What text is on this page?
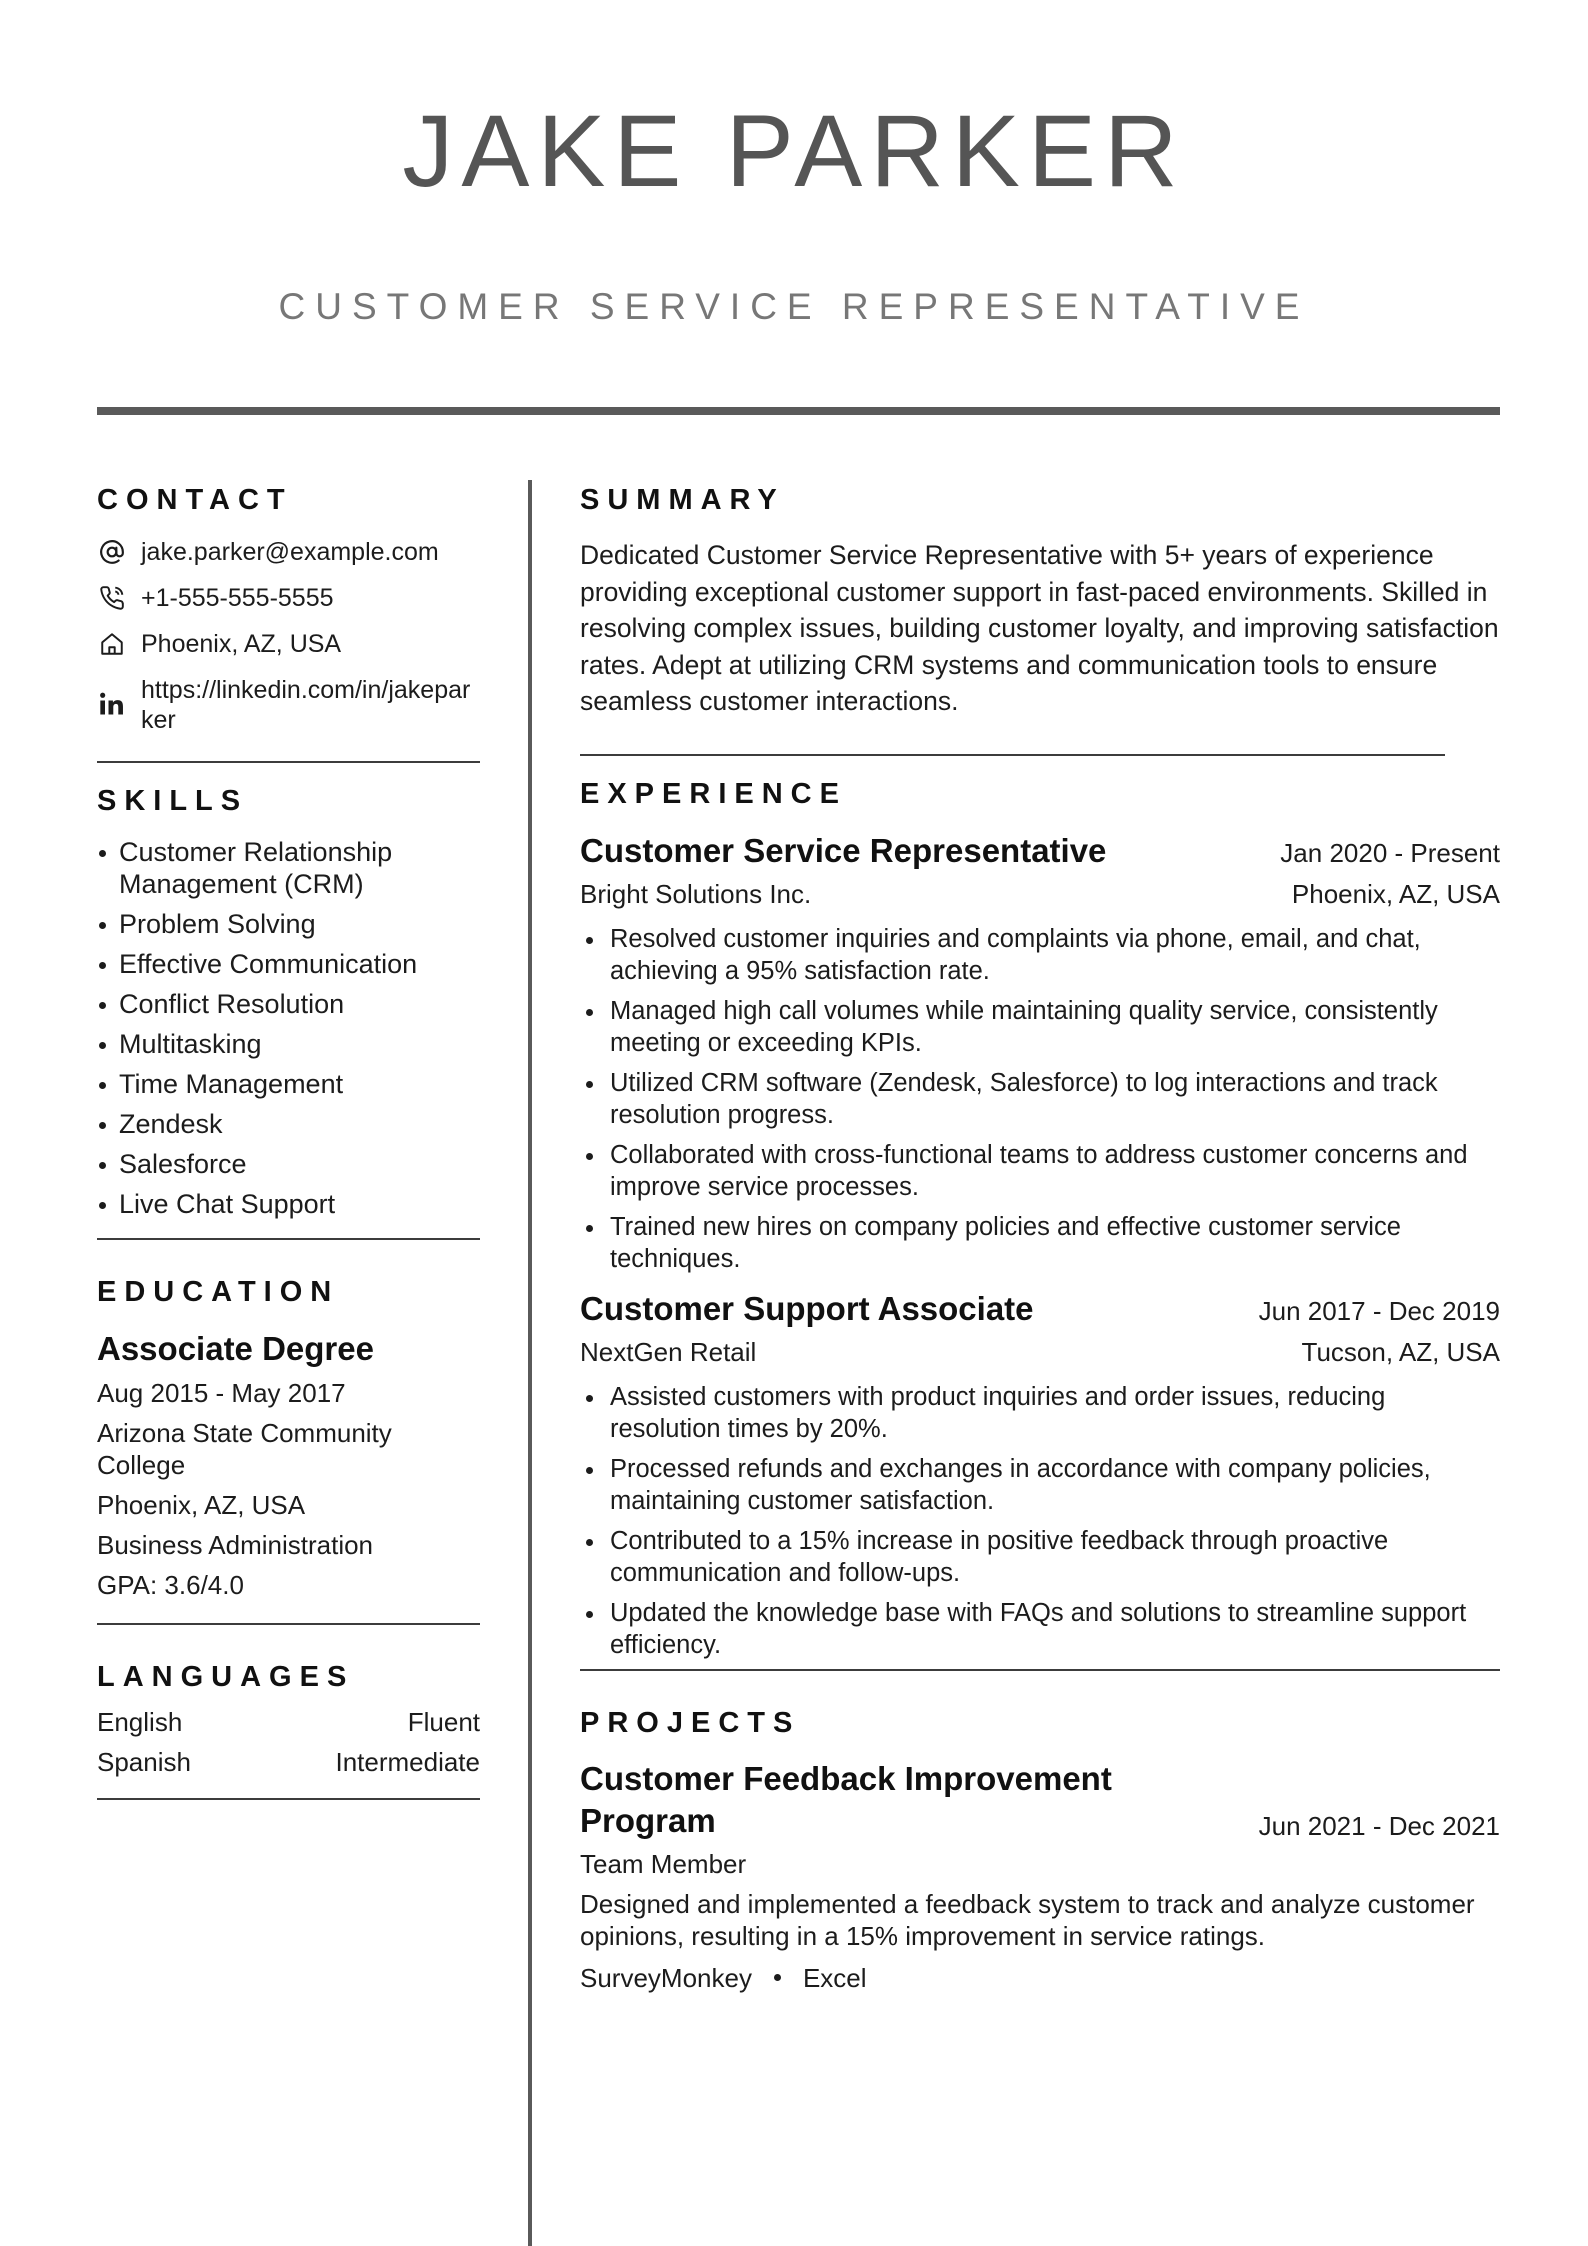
JAKE PARKER
CUSTOMER SERVICE REPRESENTATIVE
CONTACT
jake.parker@example.com
+1-555-555-5555
Phoenix, AZ, USA
https://linkedin.com/in/jakeparker
SKILLS
Customer Relationship Management (CRM)
Problem Solving
Effective Communication
Conflict Resolution
Multitasking
Time Management
Zendesk
Salesforce
Live Chat Support
EDUCATION
Associate Degree
Aug 2015 - May 2017
Arizona State Community College
Phoenix, AZ, USA
Business Administration
GPA: 3.6/4.0
LANGUAGES
English	Fluent
Spanish	Intermediate
SUMMARY
Dedicated Customer Service Representative with 5+ years of experience providing exceptional customer support in fast-paced environments. Skilled in resolving complex issues, building customer loyalty, and improving satisfaction rates. Adept at utilizing CRM systems and communication tools to ensure seamless customer interactions.
EXPERIENCE
Customer Service Representative	Jan 2020 - Present
Bright Solutions Inc.	Phoenix, AZ, USA
Resolved customer inquiries and complaints via phone, email, and chat, achieving a 95% satisfaction rate.
Managed high call volumes while maintaining quality service, consistently meeting or exceeding KPIs.
Utilized CRM software (Zendesk, Salesforce) to log interactions and track resolution progress.
Collaborated with cross-functional teams to address customer concerns and improve service processes.
Trained new hires on company policies and effective customer service techniques.
Customer Support Associate	Jun 2017 - Dec 2019
NextGen Retail	Tucson, AZ, USA
Assisted customers with product inquiries and order issues, reducing resolution times by 20%.
Processed refunds and exchanges in accordance with company policies, maintaining customer satisfaction.
Contributed to a 15% increase in positive feedback through proactive communication and follow-ups.
Updated the knowledge base with FAQs and solutions to streamline support efficiency.
PROJECTS
Customer Feedback Improvement Program	Jun 2021 - Dec 2021
Team Member
Designed and implemented a feedback system to track and analyze customer opinions, resulting in a 15% improvement in service ratings.
SurveyMonkey Excel
